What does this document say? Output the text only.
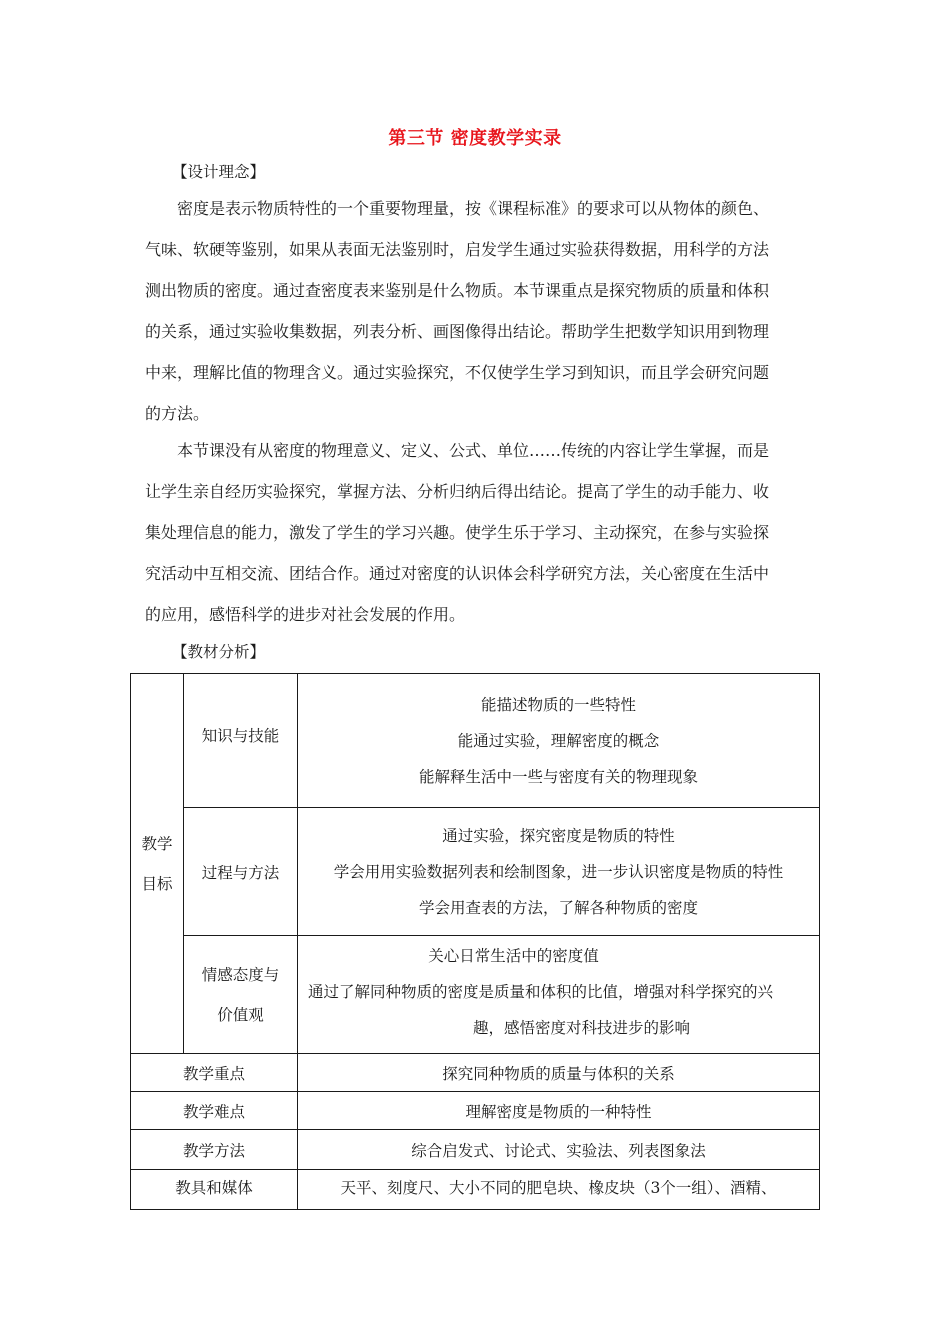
第三节 密度教学实录
【设计理念】

密度是表示物质特性的一个重要物理量，按《课程标准》的要求可以从物体的颜色、
气味、软硬等鉴别，如果从表面无法鉴别时，启发学生通过实验获得数据，用科学的方法
测出物质的密度。通过查密度表来鉴别是什么物质。本节课重点是探究物质的质量和体积
的关系，通过实验收集数据，列表分析、画图像得出结论。帮助学生把数学知识用到物理
中来，理解比值的物理含义。通过实验探究，不仅使学生学习到知识，而且学会研究问题
的方法。

本节课没有从密度的物理意义、定义、公式、单位……传统的内容让学生掌握，而是
让学生亲自经历实验探究，掌握方法、分析归纳后得出结论。提高了学生的动手能力、收
集处理信息的能力，激发了学生的学习兴趣。使学生乐于学习、主动探究，在参与实验探
究活动中互相交流、团结合作。通过对密度的认识体会科学研究方法，关心密度在生活中
的应用，感悟科学的进步对社会发展的作用。

【教材分析】
教学
目标	知识与技能	能描述物质的一些特性
能通过实验，理解密度的概念
能解释生活中一些与密度有关的物理现象

	过程与方法	通过实验，探究密度是物质的特性
学会用用实验数据列表和绘制图象，进一步认识密度是物质的特性
学会用查表的方法，了解各种物质的密度

	情感态度与
价值观	关心日常生活中的密度值
通过了解同种物质的密度是质量和体积的比值，增强对科学探究的兴
趣，感悟密度对科技进步的影响

教学重点		探究同种物质的质量与体积的关系
教学难点		理解密度是物质的一种特性
教学方法		综合启发式、讨论式、实验法、列表图象法
教具和媒体		天平、刻度尺、大小不同的肥皂块、橡皮块（3个一组）、酒精、
